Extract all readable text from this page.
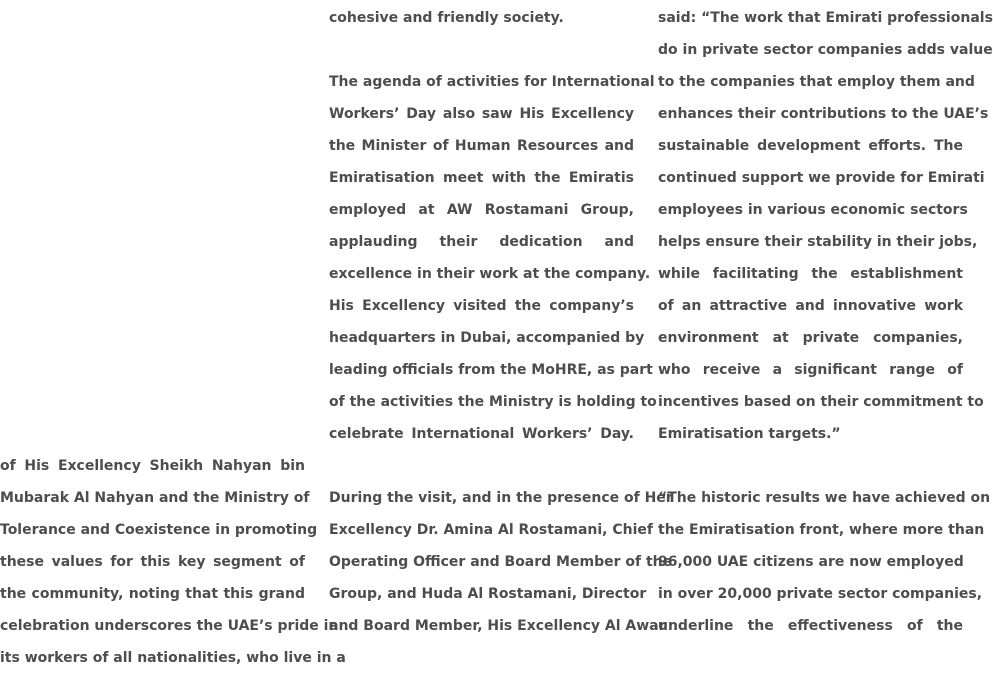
of His Excellency Sheikh Nahyan bin
Mubarak Al Nahyan and the Ministry of
Tolerance and Coexistence in promoting
these values for this key segment of
the community, noting that this grand
celebration underscores the UAE’s pride in
its workers of all nationalities, who live in a
cohesive and friendly society.
The agenda of activities for International
Workers’ Day also saw His Excellency
the Minister of Human Resources and
Emiratisation meet with the Emiratis
employed at AW Rostamani Group,
applauding their dedication and
excellence in their work at the company.
His Excellency visited the company’s
headquarters in Dubai, accompanied by
leading officials from the MoHRE, as part
of the activities the Ministry is holding to
celebrate International Workers’ Day.
During the visit, and in the presence of Her
Excellency Dr. Amina Al Rostamani, Chief
Operating Officer and Board Member of the
Group, and Huda Al Rostamani, Director
and Board Member, His Excellency Al Awar
said: “The work that Emirati professionals
do in private sector companies adds value
to the companies that employ them and
enhances their contributions to the UAE’s
sustainable development efforts. The
continued support we provide for Emirati
employees in various economic sectors
helps ensure their stability in their jobs,
while facilitating the establishment
of an attractive and innovative work
environment at private companies,
who receive a significant range of
incentives based on their commitment to
Emiratisation targets.”
“The historic results we have achieved on
the Emiratisation front, where more than
96,000 UAE citizens are now employed
in over 20,000 private sector companies,
underline the effectiveness of the
